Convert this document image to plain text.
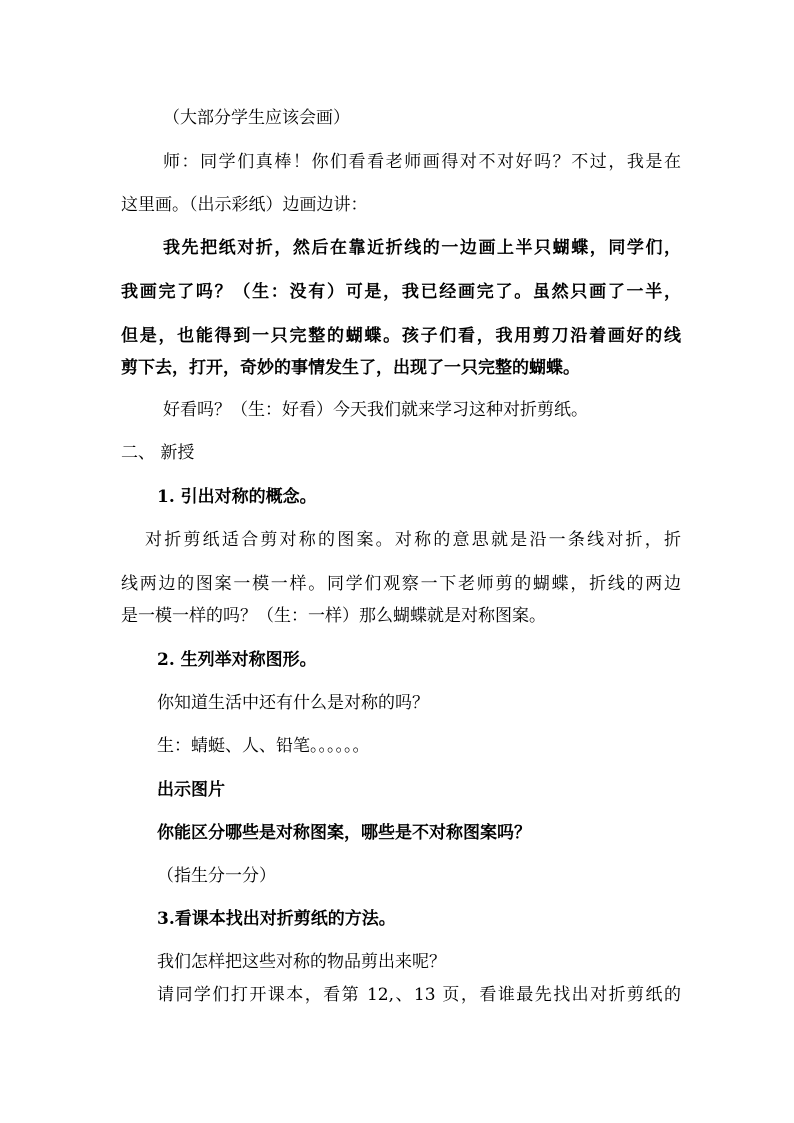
（大部分学生应该会画）
师：同学们真棒！你们看看老师画得对不对好吗？不过，我是在
这里画。（出示彩纸）边画边讲：
我先把纸对折，然后在靠近折线的一边画上半只蝴蝶，同学们，
我画完了吗？（生：没有）可是，我已经画完了。虽然只画了一半，
但是，也能得到一只完整的蝴蝶。孩子们看，我用剪刀沿着画好的线
剪下去，打开，奇妙的事情发生了，出现了一只完整的蝴蝶。
好看吗？（生：好看）今天我们就来学习这种对折剪纸。
二、 新授
1. 引出对称的概念。
对折剪纸适合剪对称的图案。对称的意思就是沿一条线对折，折
线两边的图案一模一样。同学们观察一下老师剪的蝴蝶，折线的两边
是一模一样的吗？（生：一样）那么蝴蝶就是对称图案。
2. 生列举对称图形。
你知道生活中还有什么是对称的吗？
生：蜻蜓、人、铅笔。。。。。。
出示图片
你能区分哪些是对称图案，哪些是不对称图案吗？
（指生分一分）
3.看课本找出对折剪纸的方法。
我们怎样把这些对称的物品剪出来呢？
请同学们打开课本，看第 12,、13 页，看谁最先找出对折剪纸的
